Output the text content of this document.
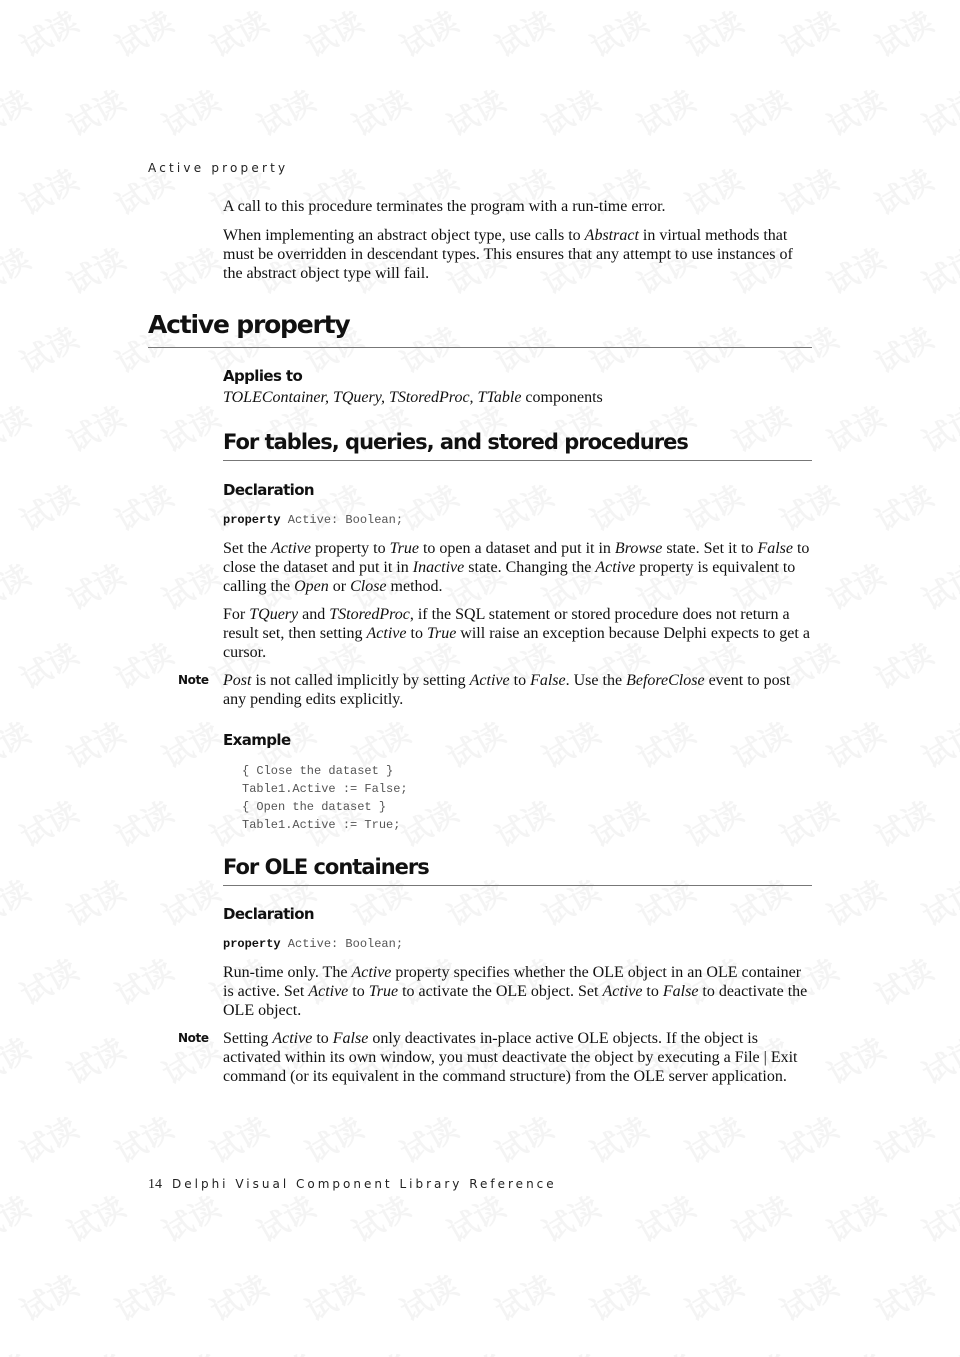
Active property

A call to this procedure terminates the program with a run-time error.

When implementing an abstract object type, use calls to Abstract in virtual methods that must be overridden in descendant types. This ensures that any attempt to use instances of the abstract object type will fail.

Active property
Applies to

TOLEContainer, TQuery, TStoredProc, TTable components

For tables, queries, and stored procedures
Declaration
property Active: Boolean;

Set the Active property to True to open a dataset and put it in Browse state. Set it to False to close the dataset and put it in Inactive state. Changing the Active property is equivalent to calling the Open or Close method.

For TQuery and TStoredProc, if the SQL statement or stored procedure does not return a result set, then setting Active to True will raise an exception because Delphi expects to get a cursor.

Note Post is not called implicitly by setting Active to False. Use the BeforeClose event to post any pending edits explicitly.

Example
{ Close the dataset }
Table1.Active := False;
{ Open the dataset }
Table1.Active := True;
For OLE containers
Declaration
property Active: Boolean;

Run-time only. The Active property specifies whether the OLE object in an OLE container is active. Set Active to True to activate the OLE object. Set Active to False to deactivate the OLE object.

Note Setting Active to False only deactivates in-place active OLE objects. If the object is activated within its own window, you must deactivate the object by executing a File | Exit command (or its equivalent in the command structure) from the OLE server application.

14 Delphi Visual Component Library Reference
